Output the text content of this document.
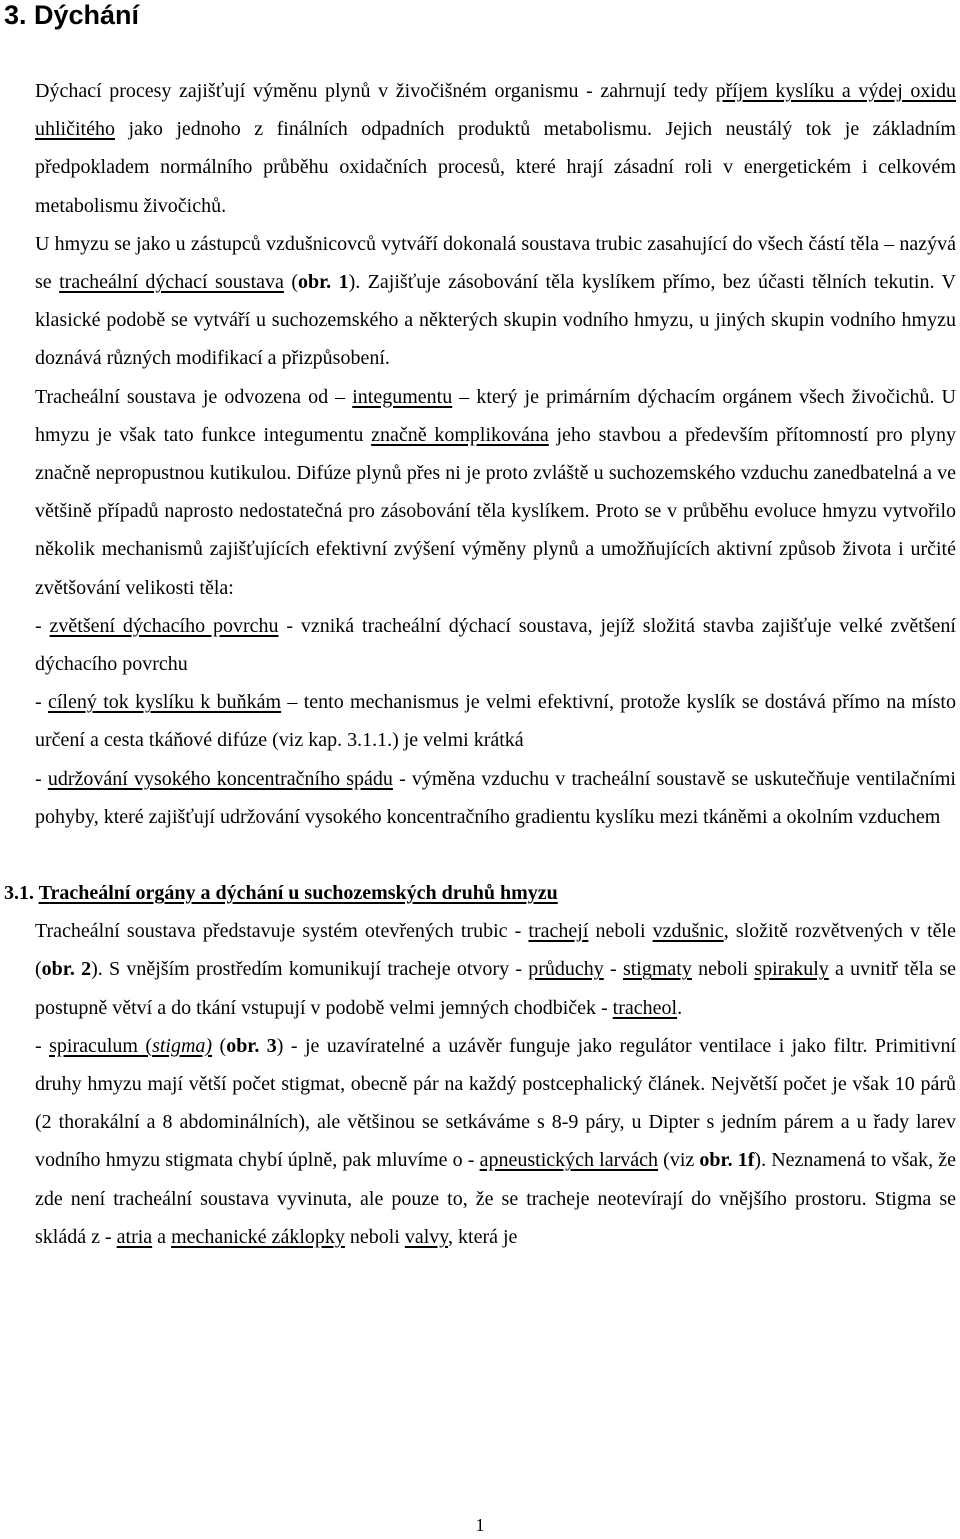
3. Dýchání

Dýchací procesy zajišťují výměnu plynů v živočišném organismu - zahrnují tedy příjem kyslíku a výdej oxidu uhličitého jako jednoho z finálních odpadních produktů metabolismu. Jejich neustálý tok je základním předpokladem normálního průběhu oxidačních procesů, které hrají zásadní roli v energetickém i celkovém metabolismu živočichů.

U hmyzu se jako u zástupců vzdušnicovců vytváří dokonalá soustava trubic zasahující do všech částí těla – nazývá se tracheální dýchací soustava (obr. 1). Zajišťuje zásobování těla kyslíkem přímo, bez účasti tělních tekutin. V klasické podobě se vytváří u suchozemského a některých skupin vodního hmyzu, u jiných skupin vodního hmyzu doznává různých modifikací a přizpůsobení.

Tracheální soustava je odvozena od – integumentu – který je primárním dýchacím orgánem všech živočichů. U hmyzu je však tato funkce integumentu značně komplikována jeho stavbou a především přítomností pro plyny značně nepropustnou kutikulou. Difúze plynů přes ni je proto zvláště u suchozemského vzduchu zanedbatelná a ve většině případů naprosto nedostatečná pro zásobování těla kyslíkem. Proto se v průběhu evoluce hmyzu vytvořilo několik mechanismů zajišťujících efektivní zvýšení výměny plynů a umožňujících aktivní způsob života i určité zvětšování velikosti těla:

- zvětšení dýchacího povrchu - vzniká tracheální dýchací soustava, jejíž složitá stavba zajišťuje velké zvětšení dýchacího povrchu

- cílený tok kyslíku k buňkám – tento mechanismus je velmi efektivní, protože kyslík se dostává přímo na místo určení a cesta tkáňové difúze (viz kap. 3.1.1.) je velmi krátká

- udržování vysokého koncentračního spádu - výměna vzduchu v tracheální soustavě se uskutečňuje ventilačními pohyby, které zajišťují udržování vysokého koncentračního gradientu kyslíku mezi tkáněmi a okolním vzduchem

3.1. Tracheální orgány a dýchání u suchozemských druhů hmyzu

Tracheální soustava představuje systém otevřených trubic - trachejí neboli vzdušnic, složitě rozvětvených v těle (obr. 2). S vnějším prostředím komunikují tracheje otvory - průduchy - stigmaty neboli spirakuly a uvnitř těla se postupně větví a do tkání vstupují v podobě velmi jemných chodbiček - tracheol.

- spiraculum (stigma) (obr. 3) - je uzavíratelné a uzávěr funguje jako regulátor ventilace i jako filtr. Primitivní druhy hmyzu mají větší počet stigmat, obecně pár na každý postcephalický článek. Největší počet je však 10 párů (2 thorakální a 8 abdominálních), ale většinou se setkáváme s 8-9 páry, u Dipter s jedním párem a u řady larev vodního hmyzu stigmata chybí úplně, pak mluvíme o - apneustických larvách (viz obr. 1f). Neznamená to však, že zde není tracheální soustava vyvinuta, ale pouze to, že se tracheje neotevírají do vnějšího prostoru. Stigma se skládá z - atria a mechanické záklopky neboli valvy, která je

1
